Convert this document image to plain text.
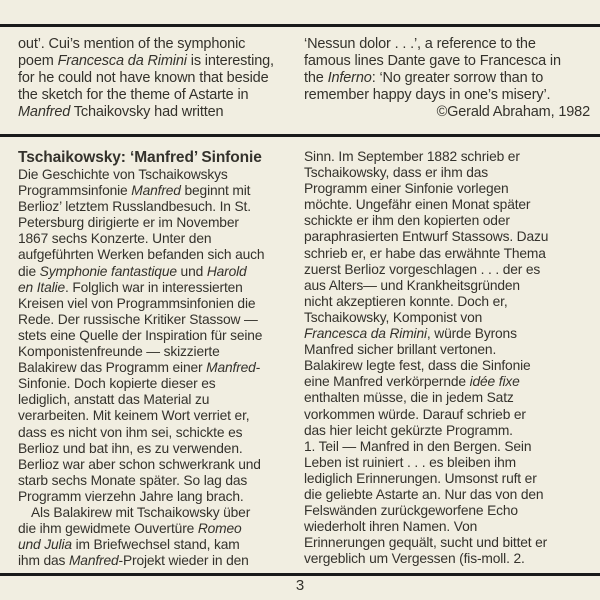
out’. Cui’s mention of the symphonic
poem Francesca da Rimini is interesting,
for he could not have known that beside
the sketch for the theme of Astarte in
Manfred Tchaikovsky had written
‘Nessun dolor . . .’, a reference to the
famous lines Dante gave to Francesca in
the Inferno: ‘No greater sorrow than to
remember happy days in one’s misery’.
©Gerald Abraham, 1982
Tschaikowsky: ‘Manfred’ Sinfonie
Die Geschichte von Tschaikowskys
Programmsinfonie Manfred beginnt mit
Berlioz’ letztem Russlandbesuch. In St.
Petersburg dirigierte er im November
1867 sechs Konzerte. Unter den
aufgeführten Werken befanden sich auch
die Symphonie fantastique und Harold
en Italie. Folglich war in interessierten
Kreisen viel von Programmsinfonien die
Rede. Der russische Kritiker Stassow —
stets eine Quelle der Inspiration für seine
Komponistenfreunde — skizzierte
Balakirew das Programm einer Manfred-
Sinfonie. Doch kopierte dieser es
lediglich, anstatt das Material zu
verarbeiten. Mit keinem Wort verriet er,
dass es nicht von ihm sei, schickte es
Berlioz und bat ihn, es zu verwenden.
Berlioz war aber schon schwerkrank und
starb sechs Monate später. So lag das
Programm vierzehn Jahre lang brach.
Als Balakirew mit Tschaikowsky über
die ihm gewidmete Ouvertüre Romeo
und Julia im Briefwechsel stand, kam
ihm das Manfred-Projekt wieder in den
Sinn. Im September 1882 schrieb er
Tschaikowsky, dass er ihm das
Programm einer Sinfonie vorlegen
möchte. Ungefähr einen Monat später
schickte er ihm den kopierten oder
paraphrasierten Entwurf Stassows. Dazu
schrieb er, er habe das erwähnte Thema
zuerst Berlioz vorgeschlagen . . . der es
aus Alters— und Krankheitsgründen
nicht akzeptieren konnte. Doch er,
Tschaikowsky, Komponist von
Francesca da Rimini, würde Byrons
Manfred sicher brillant vertonen.
Balakirew legte fest, dass die Sinfonie
eine Manfred verkörpernde idée fixe
enthalten müsse, die in jedem Satz
vorkommen würde. Darauf schrieb er
das hier leicht gekürzte Programm.
1. Teil — Manfred in den Bergen. Sein
Leben ist ruiniert . . . es bleiben ihm
lediglich Erinnerungen. Umsonst ruft er
die geliebte Astarte an. Nur das von den
Felswänden zurückgeworfene Echo
wiederholt ihren Namen. Von
Erinnerungen gequält, sucht und bittet er
vergeblich um Vergessen (fis-moll. 2.
3
